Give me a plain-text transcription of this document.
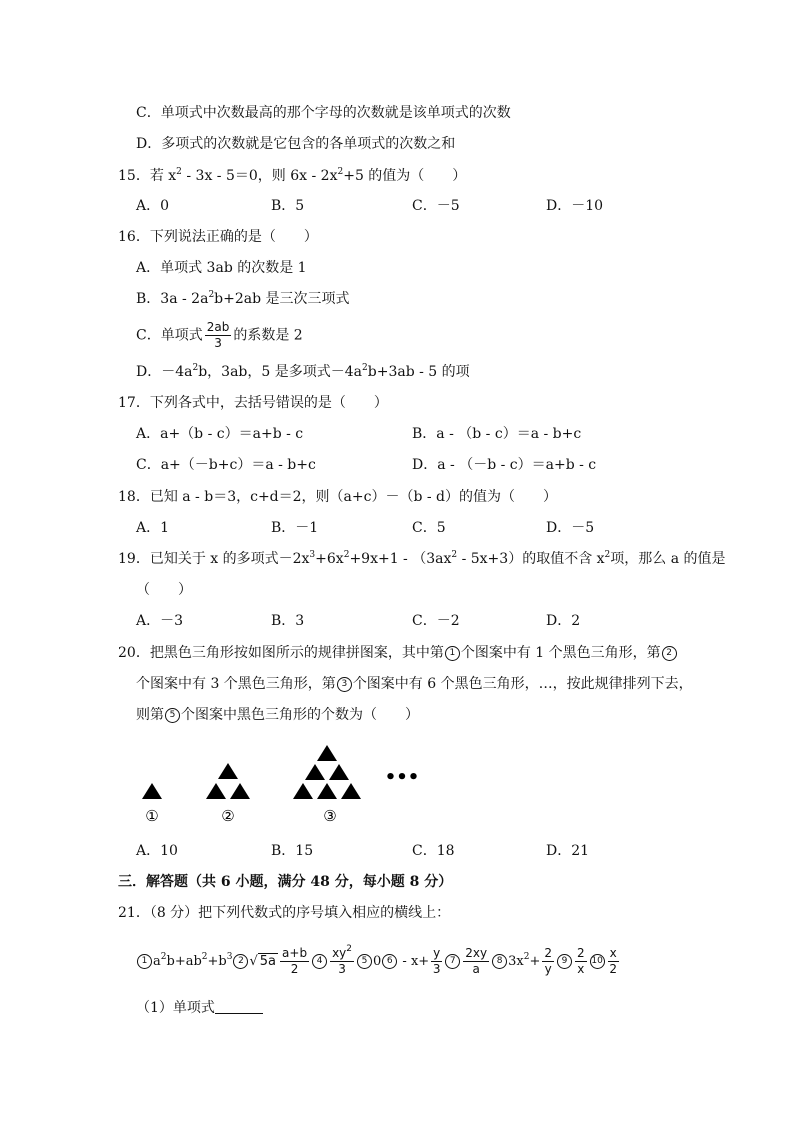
C．单项式中次数最高的那个字母的次数就是该单项式的次数
D．多项式的次数就是它包含的各单项式的次数之和
15．若 $x^2 - 3x - 5=0$，则 $6x - 2x^2+5$ 的值为（　　）
A．0	B．5	C．－5	D．－10
16．下列说法正确的是（　　）
A．单项式 3ab 的次数是 1
B．$3a - 2a^2b+2ab$ 是三次三项式
C．单项式 $\frac{2ab}{3}$ 的系数是 2
D．$-4a^2b$，3ab，5 是多项式$-4a^2b+3ab - 5$ 的项
17．下列各式中，去括号错误的是（　　）
A．a+（b - c）＝a+b - c	B．a - （b - c）＝a - b+c
C．a+（－b+c）＝a - b+c	D．a - （－b - c）＝a+b - c
18．已知 a - b＝3，c+d＝2，则（a+c）－（b - d）的值为（　　）
A．1	B．－1	C．5	D．－5
19．已知关于 x 的多项式$-2x^3+6x^2+9x+1 - (3ax^2 - 5x+3)$的取值不含 $x^2$项，那么 a 的值是
（　　）
A．－3	B．3	C．－2	D．2
20．把黑色三角形按如图所示的规律拼图案，其中第 1 个图案中有 1 个黑色三角形，第 2
个图案中有 3 个黑色三角形，第 3 个图案中有 6 个黑色三角形，…，按此规律排列下去，
则第 5 个图案中黑色三角形的个数为（　　）
①	②	③
•••
A．10	B．15	C．18	D．21
三．解答题（共 6 小题，满分 48 分，每小题 8 分）
21．（8 分）把下列代数式的序号填入相应的横线上：
1 $a^2b+ab^2+b^3$ 2 √ $5a \frac{a+b}{2} 4 \frac{xy^2}{3} 5$ 0 $6 - x+ \frac{y}{3} 7 \frac{2xy}{a} 8$ $3x^2+ \frac{2}{y} 9 \frac{2}{x} 10 \frac{x}{2}$
（1）单项式
